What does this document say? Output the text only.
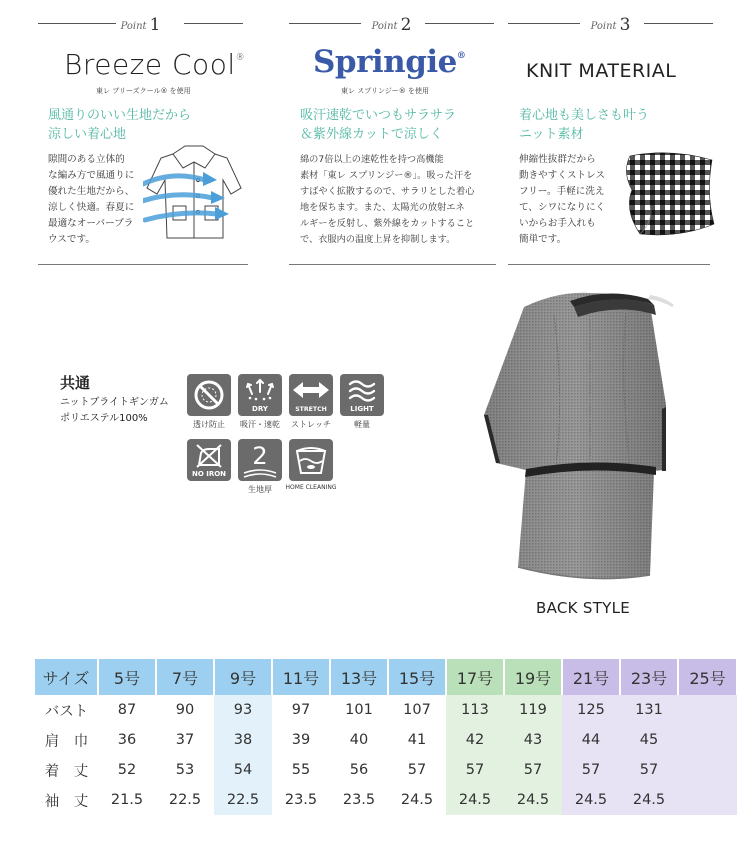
Point 1
Breeze Cool®
東レ ブリーズクール® を使用
風通りのいい生地だから
涼しい着心地
隙間のある立体的
な編み方で風通りに
優れた生地だから、
涼しく快適。春夏に
最適なオーバーブラ
ウスです。
Point 2
Springie®
東レ スプリンジー® を使用
吸汗速乾でいつもサラサラ
＆紫外線カットで涼しく
綿の7倍以上の速乾性を持つ高機能
素材「東レ スプリンジー®」。吸った汗を
すばやく拡散するので、サラリとした着心
地を保ちます。また、太陽光の放射エネ
ルギーを反射し、紫外線をカットすること
で、衣服内の温度上昇を抑制します。
Point 3
KNIT MATERIAL
着心地も美しさも叶う
ニット素材
伸縮性抜群だから
動きやすくストレス
フリー。手軽に洗え
て、シワになりにく
いからお手入れも
簡単です。
共通
ニットブライトギンガム
ポリエステル100%
透け防止
DRY
吸汗・速乾
STRETCH
ストレッチ
LIGHT
軽量
NO IRON
2
生地厚	HOME CLEANING
BACK STYLE
サイズ	5号	7号	9号	11号	13号	15号	17号	19号	21号	23号	25号
バスト	87	90	93	97	101	107	113	119	125	131	
肩　巾	36	37	38	39	40	41	42	43	44	45	
着　丈	52	53	54	55	56	57	57	57	57	57	
袖　丈	21.5	22.5	22.5	23.5	23.5	24.5	24.5	24.5	24.5	24.5	
